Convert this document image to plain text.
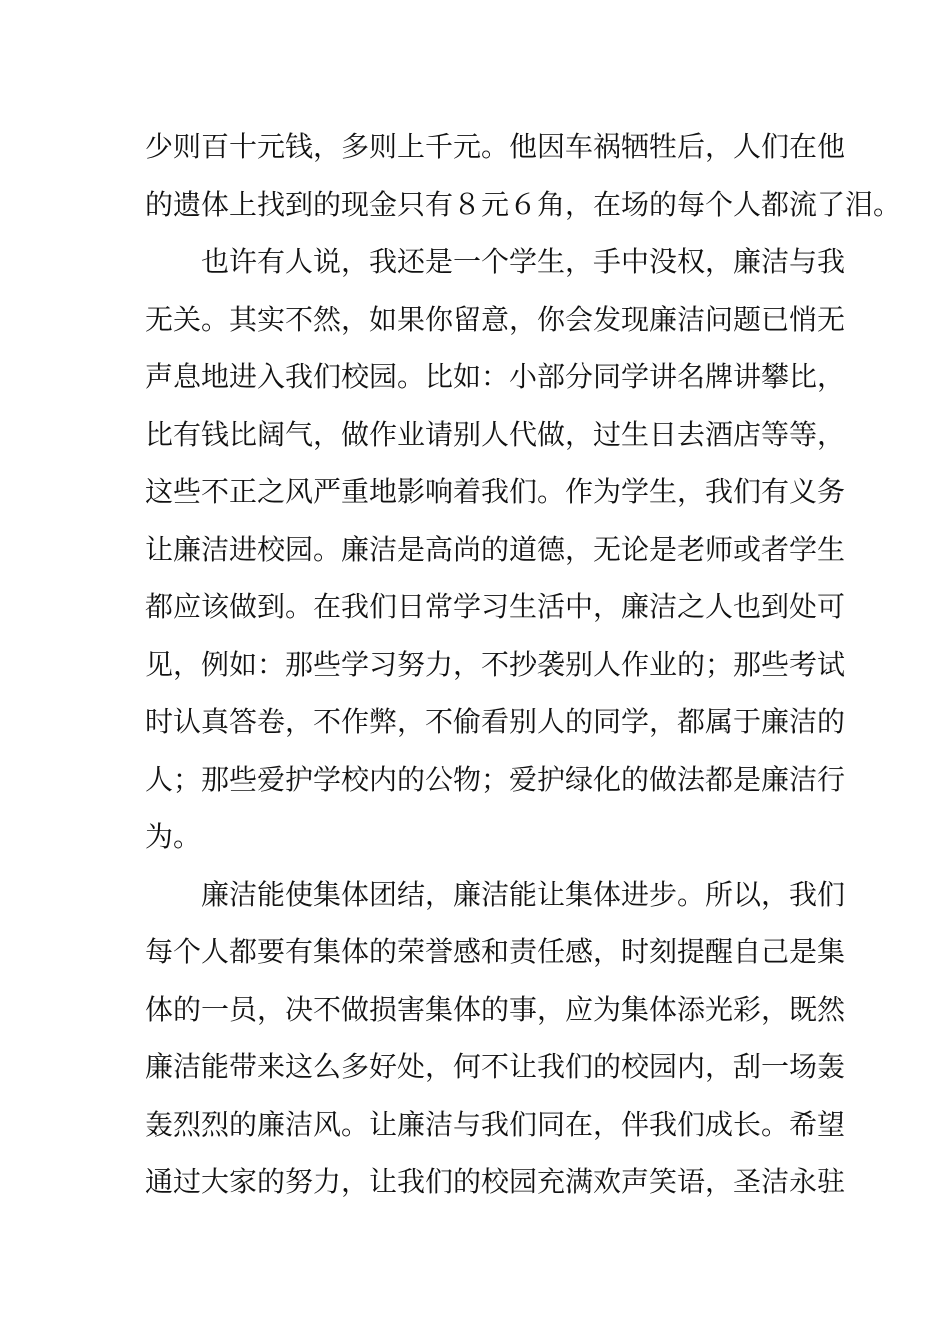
少则百十元钱，多则上千元。他因车祸牺牲后，人们在他
的遗体上找到的现金只有８元６角，在场的每个人都流了泪。
也许有人说，我还是一个学生，手中没权，廉洁与我
无关。其实不然，如果你留意，你会发现廉洁问题已悄无
声息地进入我们校园。比如：小部分同学讲名牌讲攀比，
比有钱比阔气，做作业请别人代做，过生日去酒店等等，
这些不正之风严重地影响着我们。作为学生，我们有义务
让廉洁进校园。廉洁是高尚的道德，无论是老师或者学生
都应该做到。在我们日常学习生活中，廉洁之人也到处可
见，例如：那些学习努力，不抄袭别人作业的；那些考试
时认真答卷，不作弊，不偷看别人的同学，都属于廉洁的
人；那些爱护学校内的公物；爱护绿化的做法都是廉洁行
为。
廉洁能使集体团结，廉洁能让集体进步。所以，我们
每个人都要有集体的荣誉感和责任感，时刻提醒自己是集
体的一员，决不做损害集体的事，应为集体添光彩，既然
廉洁能带来这么多好处，何不让我们的校园内，刮一场轰
轰烈烈的廉洁风。让廉洁与我们同在，伴我们成长。希望
通过大家的努力，让我们的校园充满欢声笑语，圣洁永驻
